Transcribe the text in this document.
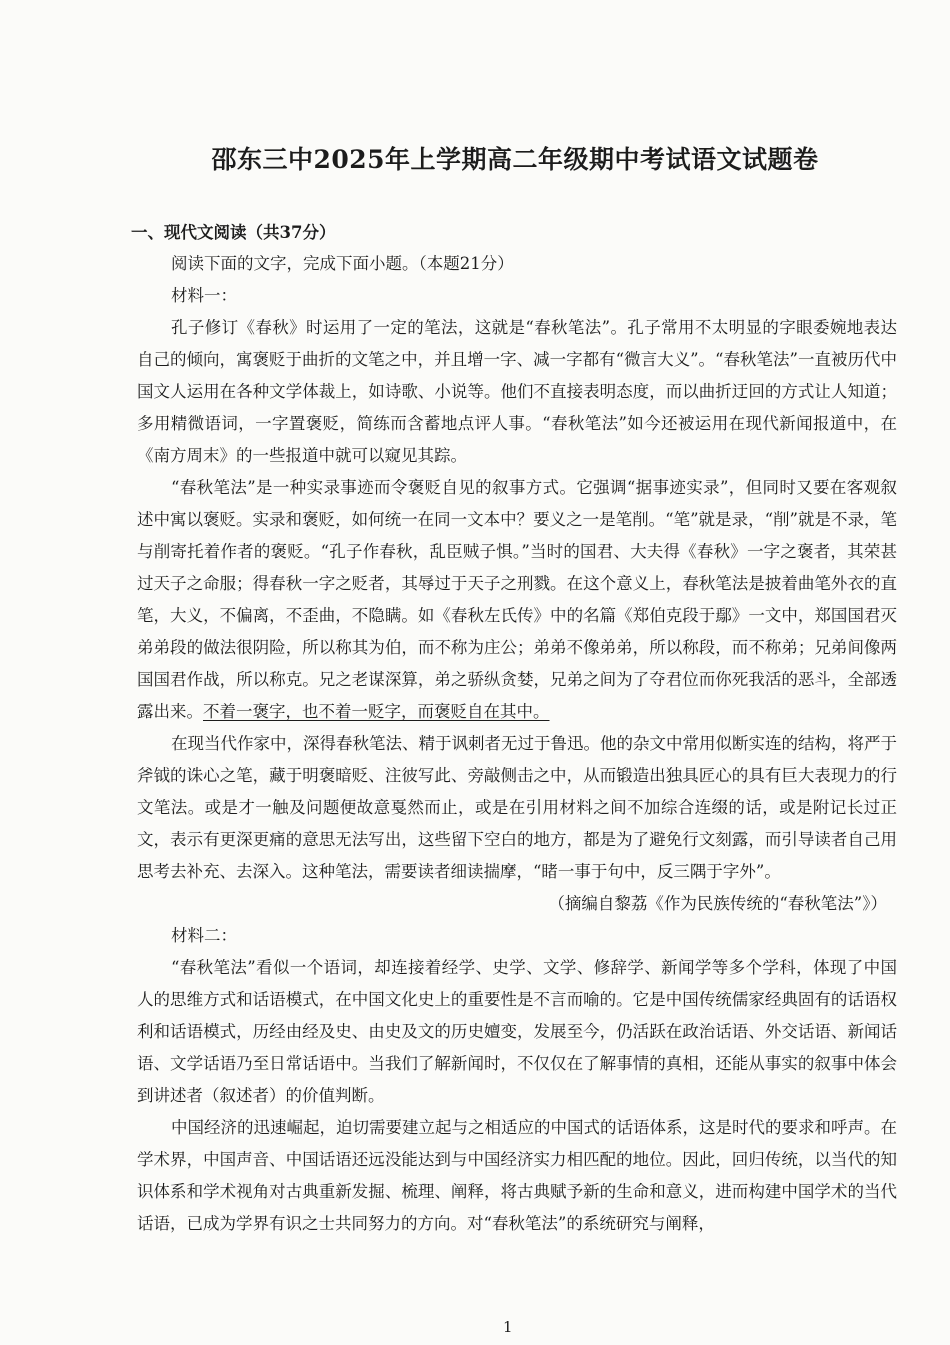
邵东三中2025年上学期高二年级期中考试语文试题卷
一、现代文阅读（共37分）
阅读下面的文字，完成下面小题。（本题21分）
材料一：

孔子修订《春秋》时运用了一定的笔法，这就是“春秋笔法”。孔子常用不太明显的字眼委婉地表达自己的倾向，寓褒贬于曲折的文笔之中，并且增一字、减一字都有“微言大义”。“春秋笔法”一直被历代中国文人运用在各种文学体裁上，如诗歌、小说等。他们不直接表明态度，而以曲折迂回的方式让人知道；多用精微语词，一字置褒贬，简练而含蓄地点评人事。“春秋笔法”如今还被运用在现代新闻报道中，在《南方周末》的一些报道中就可以窥见其踪。

“春秋笔法”是一种实录事迹而令褒贬自见的叙事方式。它强调“据事迹实录”，但同时又要在客观叙述中寓以褒贬。实录和褒贬，如何统一在同一文本中？要义之一是笔削。“笔”就是录，“削”就是不录，笔与削寄托着作者的褒贬。“孔子作春秋，乱臣贼子惧。”当时的国君、大夫得《春秋》一字之褒者，其荣甚过天子之命服；得春秋一字之贬者，其辱过于天子之刑戮。在这个意义上，春秋笔法是披着曲笔外衣的直笔，大义，不偏离，不歪曲，不隐瞒。如《春秋左氏传》中的名篇《郑伯克段于鄢》一文中，郑国国君灭弟弟段的做法很阴险，所以称其为伯，而不称为庄公；弟弟不像弟弟，所以称段，而不称弟；兄弟间像两国国君作战，所以称克。兄之老谋深算，弟之骄纵贪婪，兄弟之间为了夺君位而你死我活的恶斗，全部透露出来。不着一褒字，也不着一贬字，而褒贬自在其中。

在现当代作家中，深得春秋笔法、精于讽刺者无过于鲁迅。他的杂文中常用似断实连的结构，将严于斧钺的诛心之笔，藏于明褒暗贬、注彼写此、旁敲侧击之中，从而锻造出独具匠心的具有巨大表现力的行文笔法。或是才一触及问题便故意戛然而止，或是在引用材料之间不加综合连缀的话，或是附记长过正文，表示有更深更痛的意思无法写出，这些留下空白的地方，都是为了避免行文刻露，而引导读者自己用思考去补充、去深入。这种笔法，需要读者细读揣摩，“睹一事于句中，反三隅于字外”。

（摘编自黎荔《作为民族传统的“春秋笔法”》）
材料二：

“春秋笔法”看似一个语词，却连接着经学、史学、文学、修辞学、新闻学等多个学科，体现了中国人的思维方式和话语模式，在中国文化史上的重要性是不言而喻的。它是中国传统儒家经典固有的话语权利和话语模式，历经由经及史、由史及文的历史嬗变，发展至今，仍活跃在政治话语、外交话语、新闻话语、文学话语乃至日常话语中。当我们了解新闻时，不仅仅在了解事情的真相，还能从事实的叙事中体会到讲述者（叙述者）的价值判断。

中国经济的迅速崛起，迫切需要建立起与之相适应的中国式的话语体系，这是时代的要求和呼声。在学术界，中国声音、中国话语还远没能达到与中国经济实力相匹配的地位。因此，回归传统，以当代的知识体系和学术视角对古典重新发掘、梳理、阐释，将古典赋予新的生命和意义，进而构建中国学术的当代话语，已成为学界有识之士共同努力的方向。对“春秋笔法”的系统研究与阐释，

1
